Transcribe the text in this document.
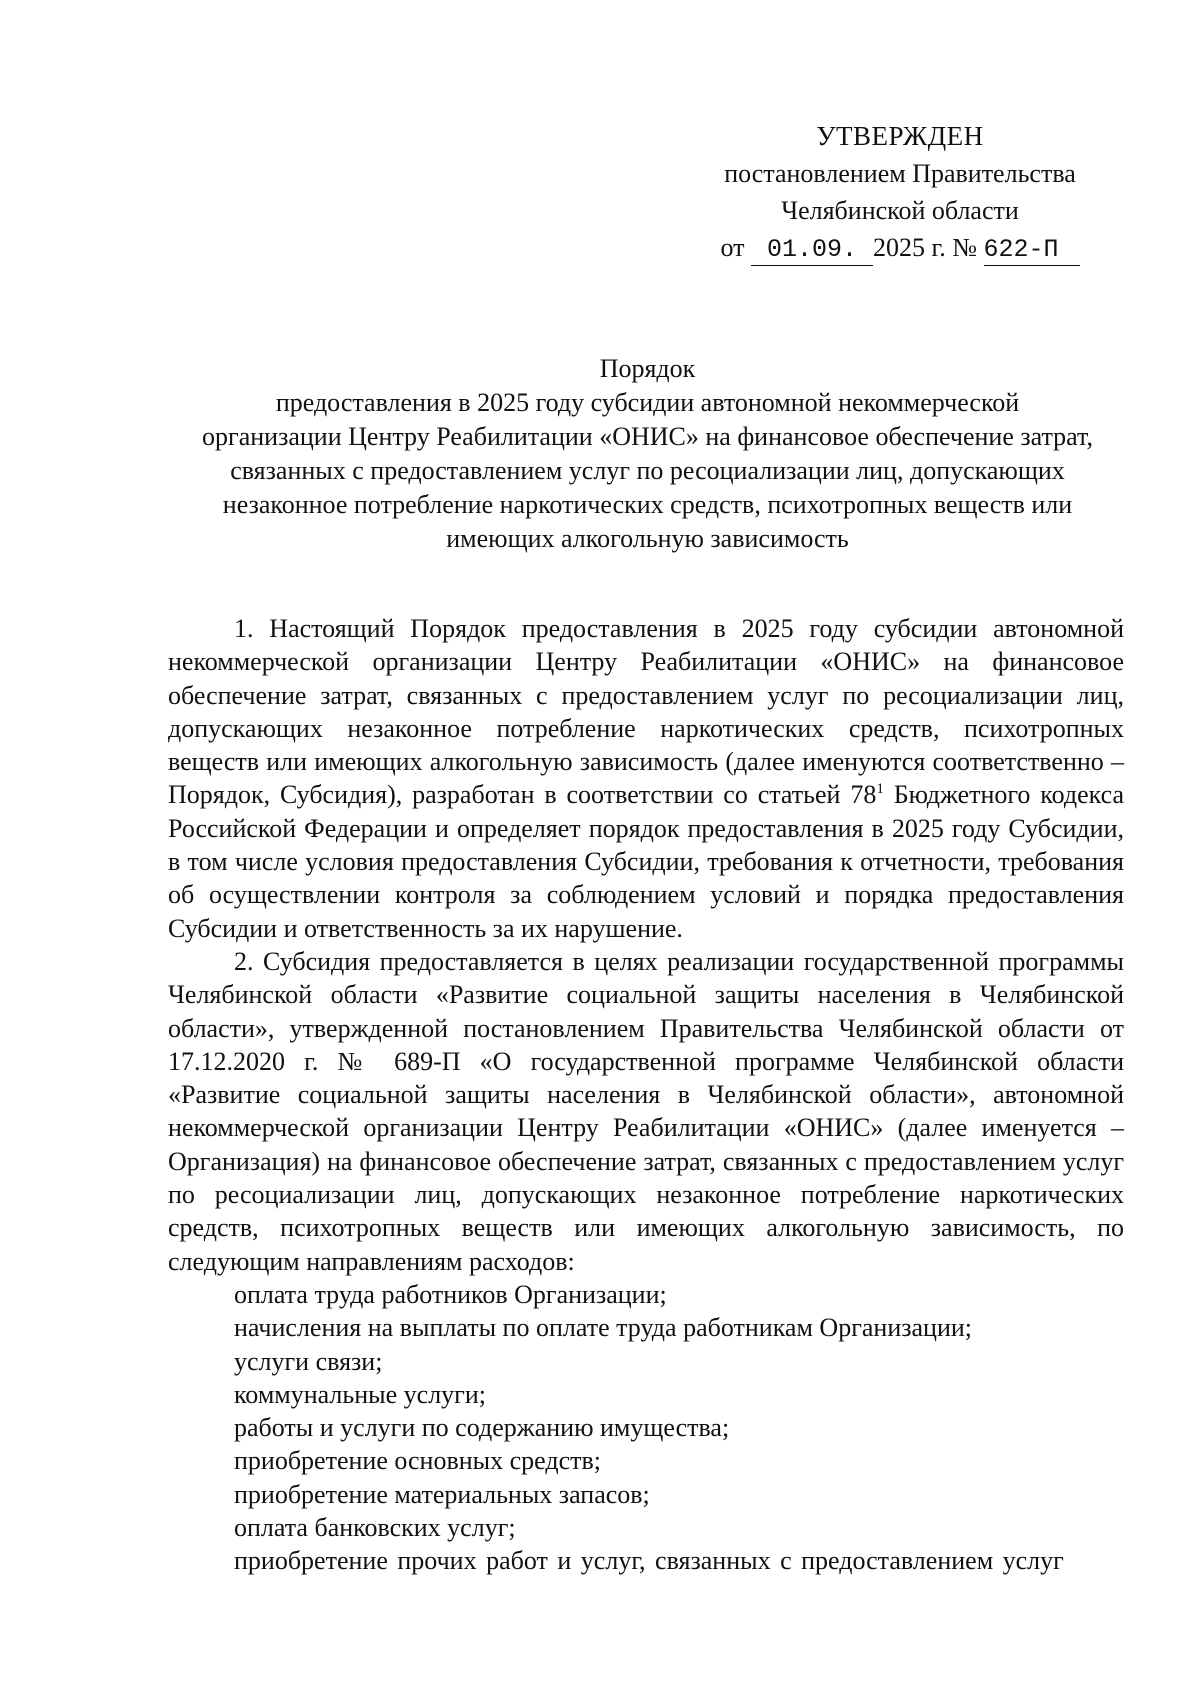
УТВЕРЖДЕН
постановлением Правительства
Челябинской области
от 01.09. 2025 г. № 622-П
Порядок
предоставления в 2025 году субсидии автономной некоммерческой
организации Центру Реабилитации «ОНИС» на финансовое обеспечение затрат,
связанных с предоставлением услуг по ресоциализации лиц, допускающих
незаконное потребление наркотических средств, психотропных веществ или
имеющих алкогольную зависимость

1. Настоящий Порядок предоставления в 2025 году субсидии автономной некоммерческой организации Центру Реабилитации «ОНИС» на финансовое обеспечение затрат, связанных с предоставлением услуг по ресоциализации лиц, допускающих незаконное потребление наркотических средств, психотропных веществ или имеющих алкогольную зависимость (далее именуются соответственно – Порядок, Субсидия), разработан в соответствии со статьей $78^1$ Бюджетного кодекса Российской Федерации и определяет порядок предоставления в 2025 году Субсидии, в том числе условия предоставления Субсидии, требования к отчетности, требования об осуществлении контроля за соблюдением условий и порядка предоставления Субсидии и ответственность за их нарушение.

2. Субсидия предоставляется в целях реализации государственной программы Челябинской области «Развитие социальной защиты населения в Челябинской области», утвержденной постановлением Правительства Челябинской области от 17.12.2020 г. № 689-П «О государственной программе Челябинской области «Развитие социальной защиты населения в Челябинской области», автономной некоммерческой организации Центру Реабилитации «ОНИС» (далее именуется – Организация) на финансовое обеспечение затрат, связанных с предоставлением услуг по ресоциализации лиц, допускающих незаконное потребление наркотических средств, психотропных веществ или имеющих алкогольную зависимость, по следующим направлениям расходов:

оплата труда работников Организации;
начисления на выплаты по оплате труда работникам Организации;
услуги связи;
коммунальные услуги;
работы и услуги по содержанию имущества;
приобретение основных средств;
приобретение материальных запасов;
оплата банковских услуг;
приобретение прочих работ и услуг, связанных с предоставлением услуг
